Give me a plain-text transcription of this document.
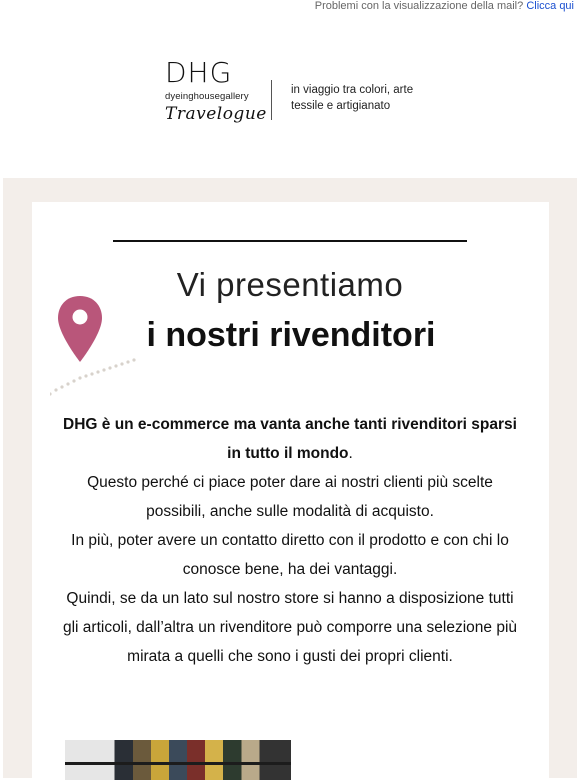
Problemi con la visualizzazione della mail? Clicca qui
DHG
dyeinghousegallery
Travelogue
in viaggio tra colori, arte
tessile e artigianato
Vi presentiamo
i nostri rivenditori

DHG è un e-commerce ma vanta anche tanti rivenditori sparsi in tutto il mondo.

Questo perché ci piace poter dare ai nostri clienti più scelte possibili, anche sulle modalità di acquisto.

In più, poter avere un contatto diretto con il prodotto e con chi lo conosce bene, ha dei vantaggi.

Quindi, se da un lato sul nostro store si hanno a disposizione tutti gli articoli, dall’altra un rivenditore può comporre una selezione più mirata a quelli che sono i gusti dei propri clienti.
